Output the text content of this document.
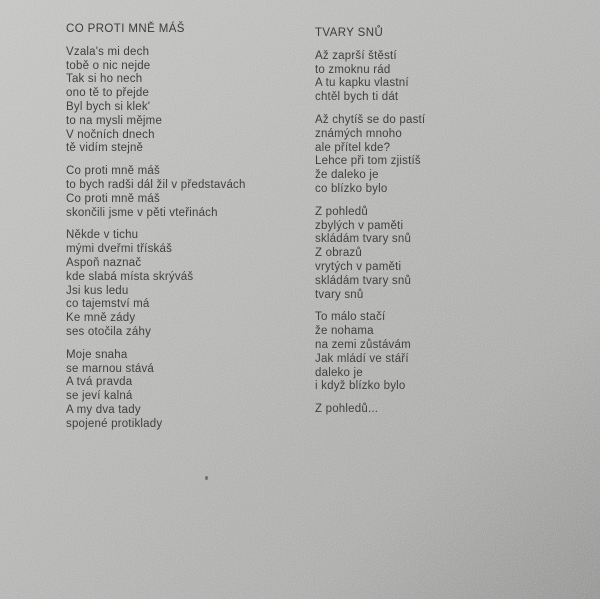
CO PROTI MNĚ MÁŠ

Vzala's mi dech

tobě o nic nejde

Tak si ho nech

ono tě to přejde

Byl bych si klek'

to na mysli mějme

V nočních dnech

tě vidím stejně

Co proti mně máš

to bych radši dál žil v představách

Co proti mně máš

skončili jsme v pěti vteřinách

Někde v tichu

mými dveřmi třískáš

Aspoň naznač

kde slabá místa skrýváš

Jsi kus ledu

co tajemství má

Ke mně zády

ses otočila záhy

Moje snaha

se marnou stává

A tvá pravda

se jeví kalná

A my dva tady

spojené protiklady

TVARY SNŮ

Až zaprší štěstí

to zmoknu rád

A tu kapku vlastní

chtěl bych ti dát

Až chytíš se do pastí

známých mnoho

ale přítel kde?

Lehce při tom zjistíš

že daleko je

co blízko bylo

Z pohledů

zbylých v paměti

skládám tvary snů

Z obrazů

vrytých v paměti

skládám tvary snů

tvary snů

To málo stačí

že nohama

na zemi zůstávám

Jak mládí ve stáří

daleko je

i když blízko bylo

Z pohledů...
